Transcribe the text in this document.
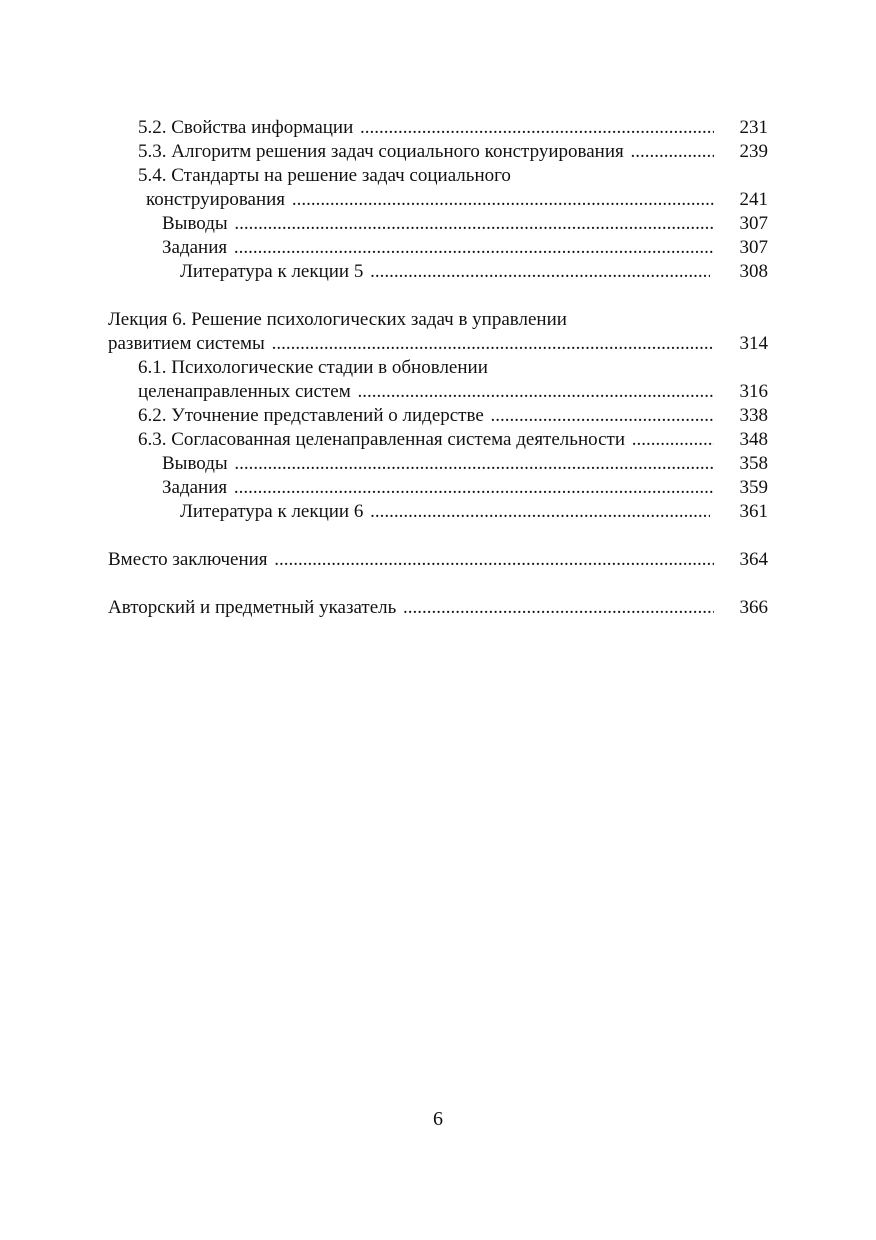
5.2. Свойства информации .....	231
5.3. Алгоритм решения задач социального конструирования .....	239
5.4. Стандарты на решение задач социального
конструирования .....	241
Выводы .....	307
Задания .....	307
Литература к лекции 5 .....	308
Лекция 6. Решение психологических задач в управлении
развитием системы .....	314
6.1. Психологические стадии в обновлении
целенаправленных систем .....	316
6.2. Уточнение представлений о лидерстве .....	338
6.3. Согласованная целенаправленная система деятельности .....	348
Выводы .....	358
Задания .....	359
Литература к лекции 6 .....	361
Вместо заключения .....	364
Авторский и предметный указатель .....	366
6
